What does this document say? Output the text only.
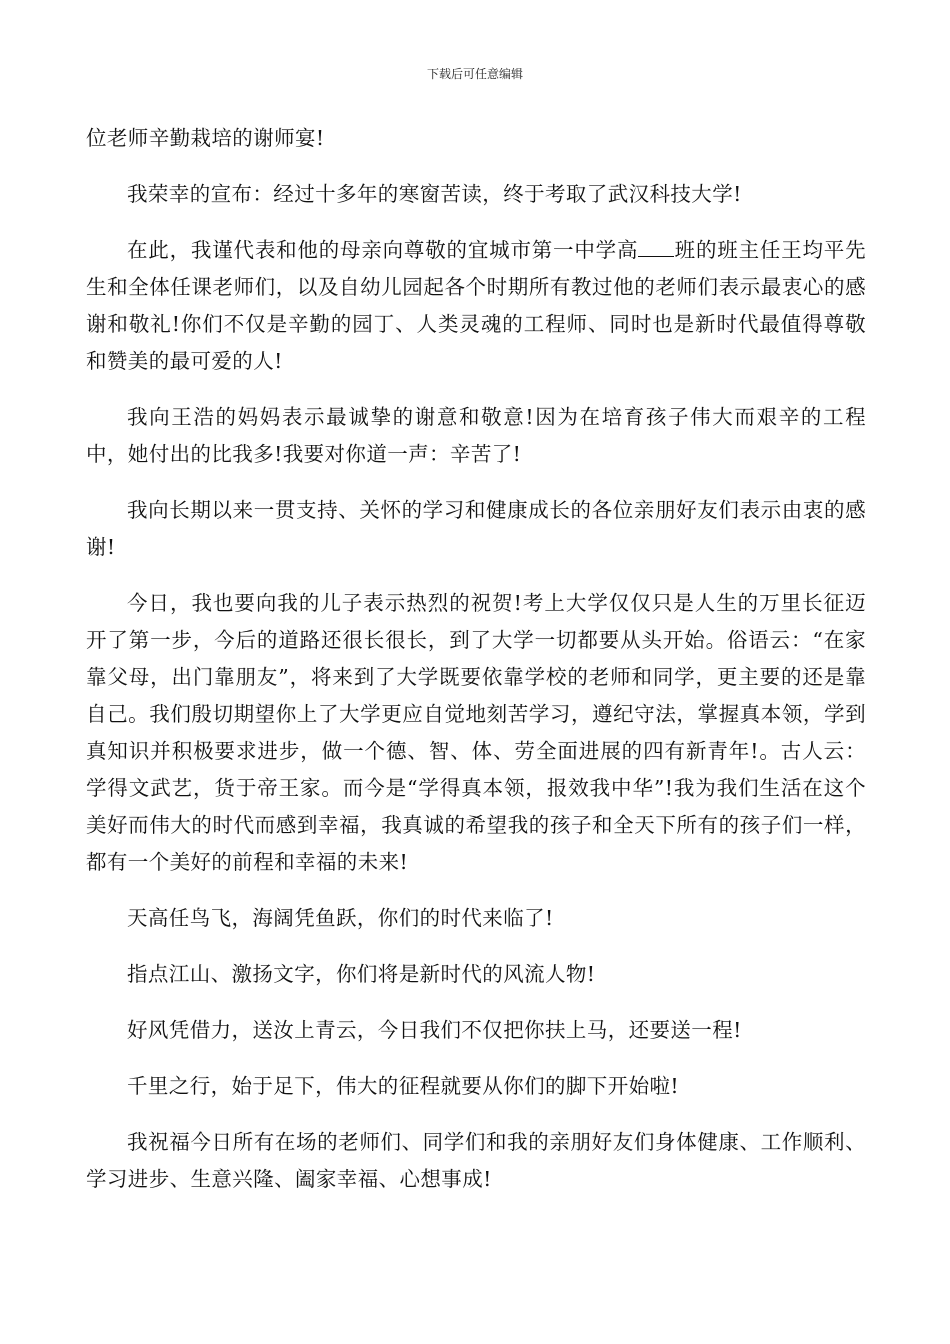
下载后可任意编辑

位老师辛勤栽培的谢师宴!

我荣幸的宣布：经过十多年的寒窗苦读，终于考取了武汉科技大学!

在此，我谨代表和他的母亲向尊敬的宜城市第一中学高 班的班主任王均平先生和全体任课老师们，以及自幼儿园起各个时期所有教过他的老师们表示最衷心的感谢和敬礼!你们不仅是辛勤的园丁、人类灵魂的工程师、同时也是新时代最值得尊敬和赞美的最可爱的人!

我向王浩的妈妈表示最诚挚的谢意和敬意!因为在培育孩子伟大而艰辛的工程中，她付出的比我多!我要对你道一声：辛苦了!

我向长期以来一贯支持、关怀的学习和健康成长的各位亲朋好友们表示由衷的感谢!

今日，我也要向我的儿子表示热烈的祝贺!考上大学仅仅只是人生的万里长征迈开了第一步，今后的道路还很长很长，到了大学一切都要从头开始。俗语云：“在家靠父母，出门靠朋友”，将来到了大学既要依靠学校的老师和同学，更主要的还是靠自己。我们殷切期望你上了大学更应自觉地刻苦学习，遵纪守法，掌握真本领，学到真知识并积极要求进步，做一个德、智、体、劳全面进展的四有新青年!。古人云：学得文武艺，货于帝王家。而今是“学得真本领，报效我中华”!我为我们生活在这个美好而伟大的时代而感到幸福，我真诚的希望我的孩子和全天下所有的孩子们一样，都有一个美好的前程和幸福的未来!

天高任鸟飞，海阔凭鱼跃，你们的时代来临了!

指点江山、激扬文字，你们将是新时代的风流人物!

好风凭借力，送汝上青云，今日我们不仅把你扶上马，还要送一程!

千里之行，始于足下，伟大的征程就要从你们的脚下开始啦!

我祝福今日所有在场的老师们、同学们和我的亲朋好友们身体健康、工作顺利、学习进步、生意兴隆、阖家幸福、心想事成!
